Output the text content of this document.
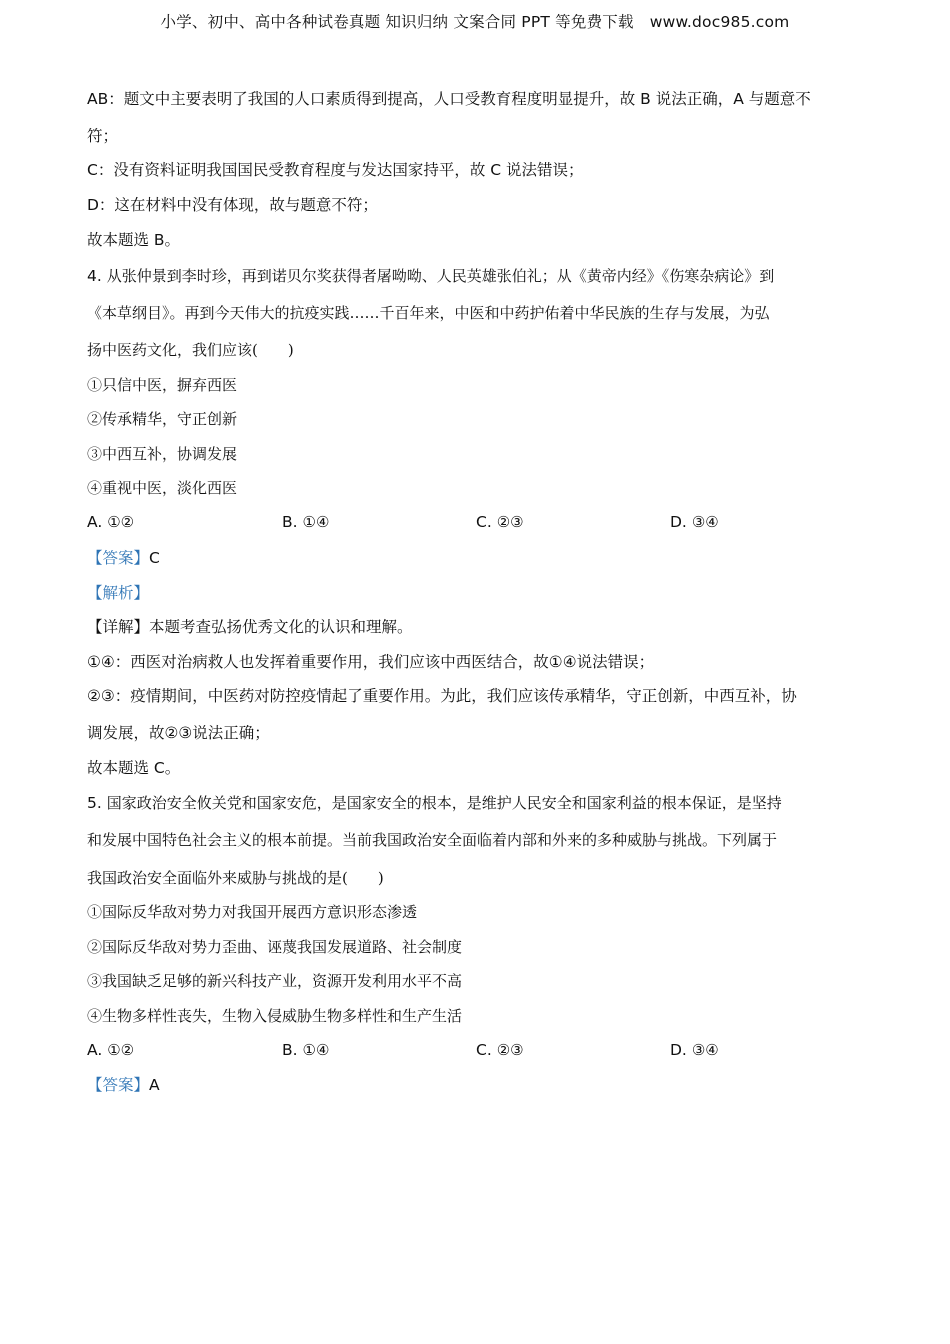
小学、初中、高中各种试卷真题 知识归纳 文案合同 PPT 等免费下载 www.doc985.com
AB：题文中主要表明了我国的人口素质得到提高，人口受教育程度明显提升，故 B 说法正确，A 与题意不
符；
C：没有资料证明我国国民受教育程度与发达国家持平，故 C 说法错误；
D：这在材料中没有体现，故与题意不符；
故本题选 B。
4. 从张仲景到李时珍，再到诺贝尔奖获得者屠呦呦、人民英雄张伯礼；从《黄帝内经》《伤寒杂病论》到
《本草纲目》。再到今天伟大的抗疫实践……千百年来，中医和中药护佑着中华民族的生存与发展，为弘
扬中医药文化，我们应该(　　)
①只信中医，摒弃西医
②传承精华，守正创新
③中西互补，协调发展
④重视中医，淡化西医
A. ①②	B. ①④	C. ②③	D. ③④
【答案】C
【解析】
【详解】本题考查弘扬优秀文化的认识和理解。
①④：西医对治病救人也发挥着重要作用，我们应该中西医结合，故①④说法错误；
②③：疫情期间，中医药对防控疫情起了重要作用。为此，我们应该传承精华，守正创新，中西互补，协
调发展，故②③说法正确；
故本题选 C。
5. 国家政治安全攸关党和国家安危，是国家安全的根本，是维护人民安全和国家利益的根本保证，是坚持
和发展中国特色社会主义的根本前提。当前我国政治安全面临着内部和外来的多种威胁与挑战。下列属于
我国政治安全面临外来威胁与挑战的是(　　)
①国际反华敌对势力对我国开展西方意识形态渗透
②国际反华敌对势力歪曲、诬蔑我国发展道路、社会制度
③我国缺乏足够的新兴科技产业，资源开发利用水平不高
④生物多样性丧失，生物入侵威胁生物多样性和生产生活
A. ①②	B. ①④	C. ②③	D. ③④
【答案】A
